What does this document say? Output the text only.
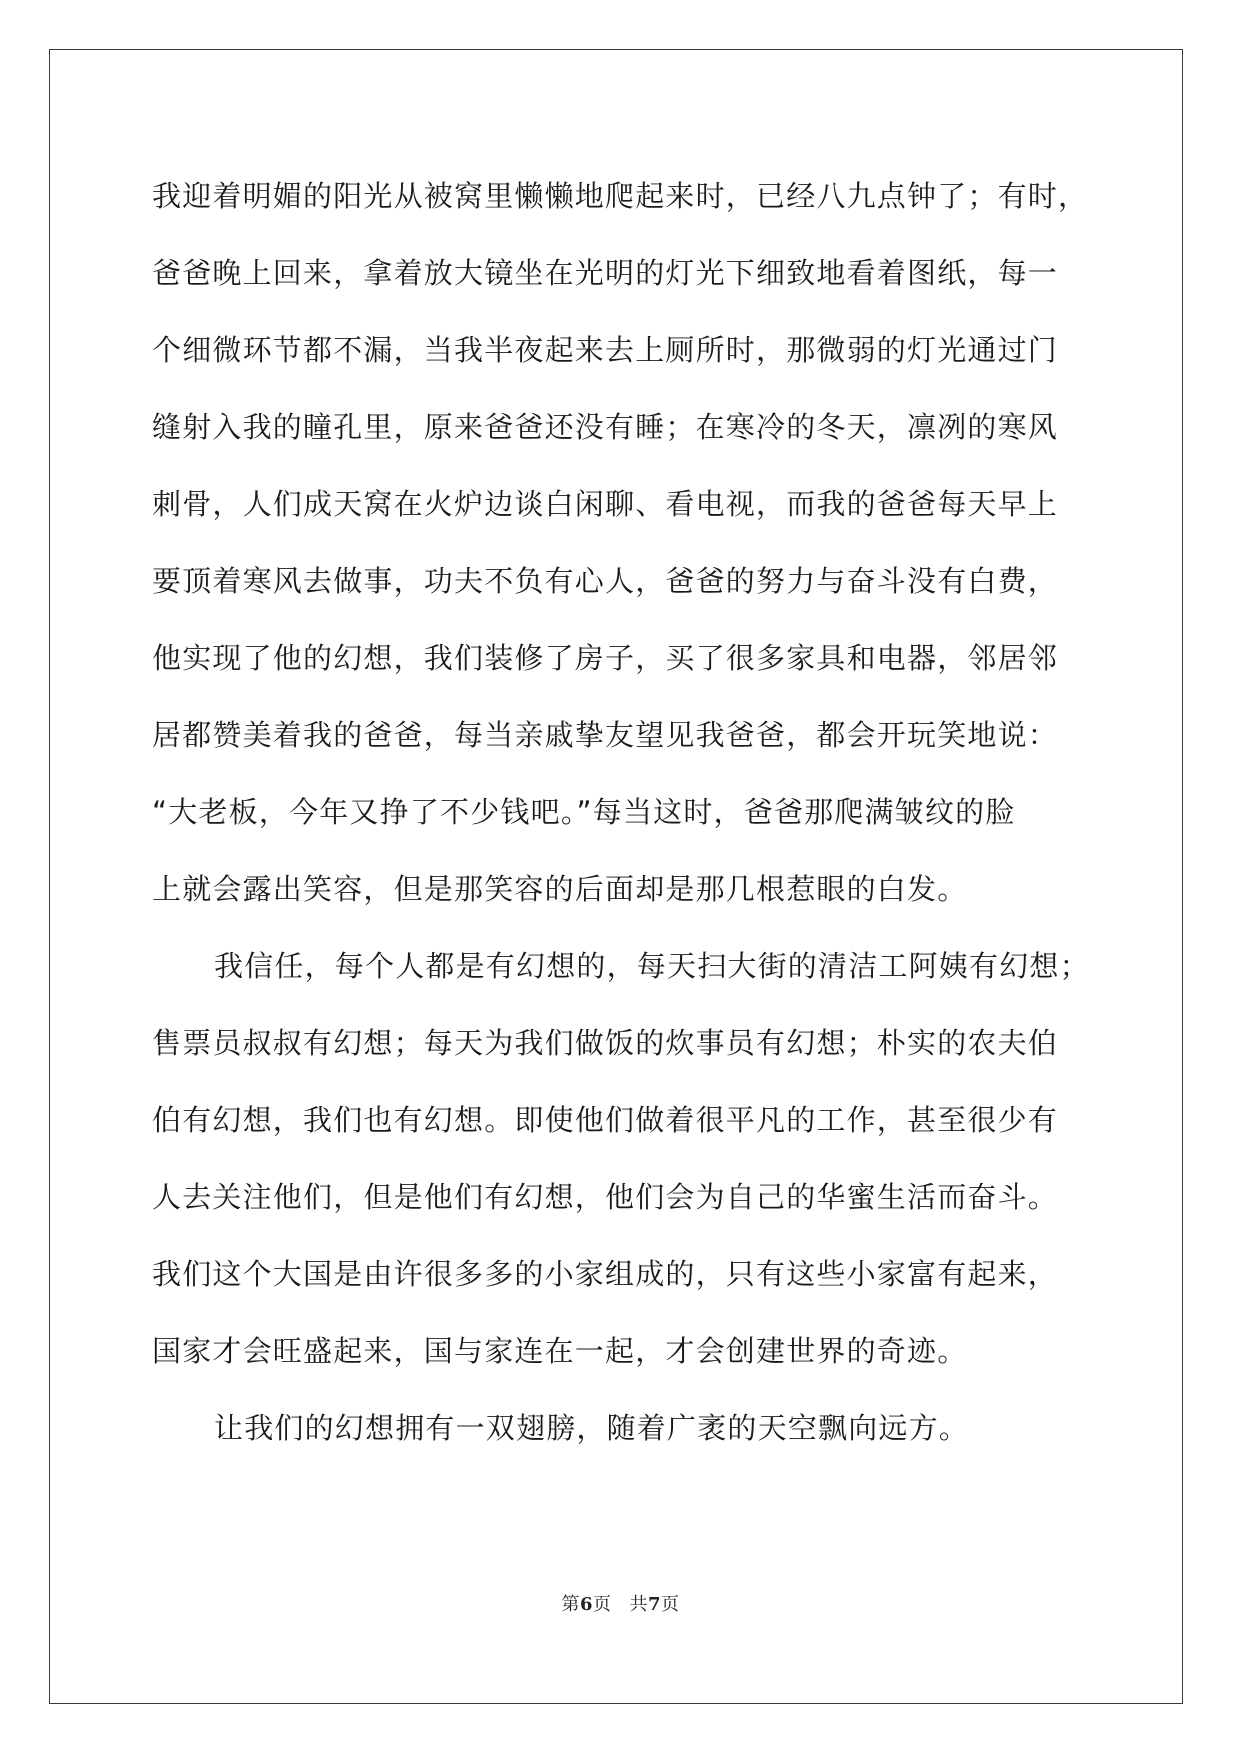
我迎着明媚的阳光从被窝里懒懒地爬起来时，已经八九点钟了；有时，
爸爸晚上回来，拿着放大镜坐在光明的灯光下细致地看着图纸，每一
个细微环节都不漏，当我半夜起来去上厕所时，那微弱的灯光通过门
缝射入我的瞳孔里，原来爸爸还没有睡；在寒冷的冬天，凛冽的寒风
刺骨，人们成天窝在火炉边谈白闲聊、看电视，而我的爸爸每天早上
要顶着寒风去做事，功夫不负有心人，爸爸的努力与奋斗没有白费，
他实现了他的幻想，我们装修了房子，买了很多家具和电器，邻居邻
居都赞美着我的爸爸，每当亲戚挚友望见我爸爸，都会开玩笑地说：
“大老板，今年又挣了不少钱吧。”每当这时，爸爸那爬满皱纹的脸
上就会露出笑容，但是那笑容的后面却是那几根惹眼的白发。
我信任，每个人都是有幻想的，每天扫大街的清洁工阿姨有幻想；
售票员叔叔有幻想；每天为我们做饭的炊事员有幻想；朴实的农夫伯
伯有幻想，我们也有幻想。即使他们做着很平凡的工作，甚至很少有
人去关注他们，但是他们有幻想，他们会为自己的华蜜生活而奋斗。
我们这个大国是由许很多多的小家组成的，只有这些小家富有起来，
国家才会旺盛起来，国与家连在一起，才会创建世界的奇迹。
让我们的幻想拥有一双翅膀，随着广袤的天空飘向远方。
第6页 共7页
